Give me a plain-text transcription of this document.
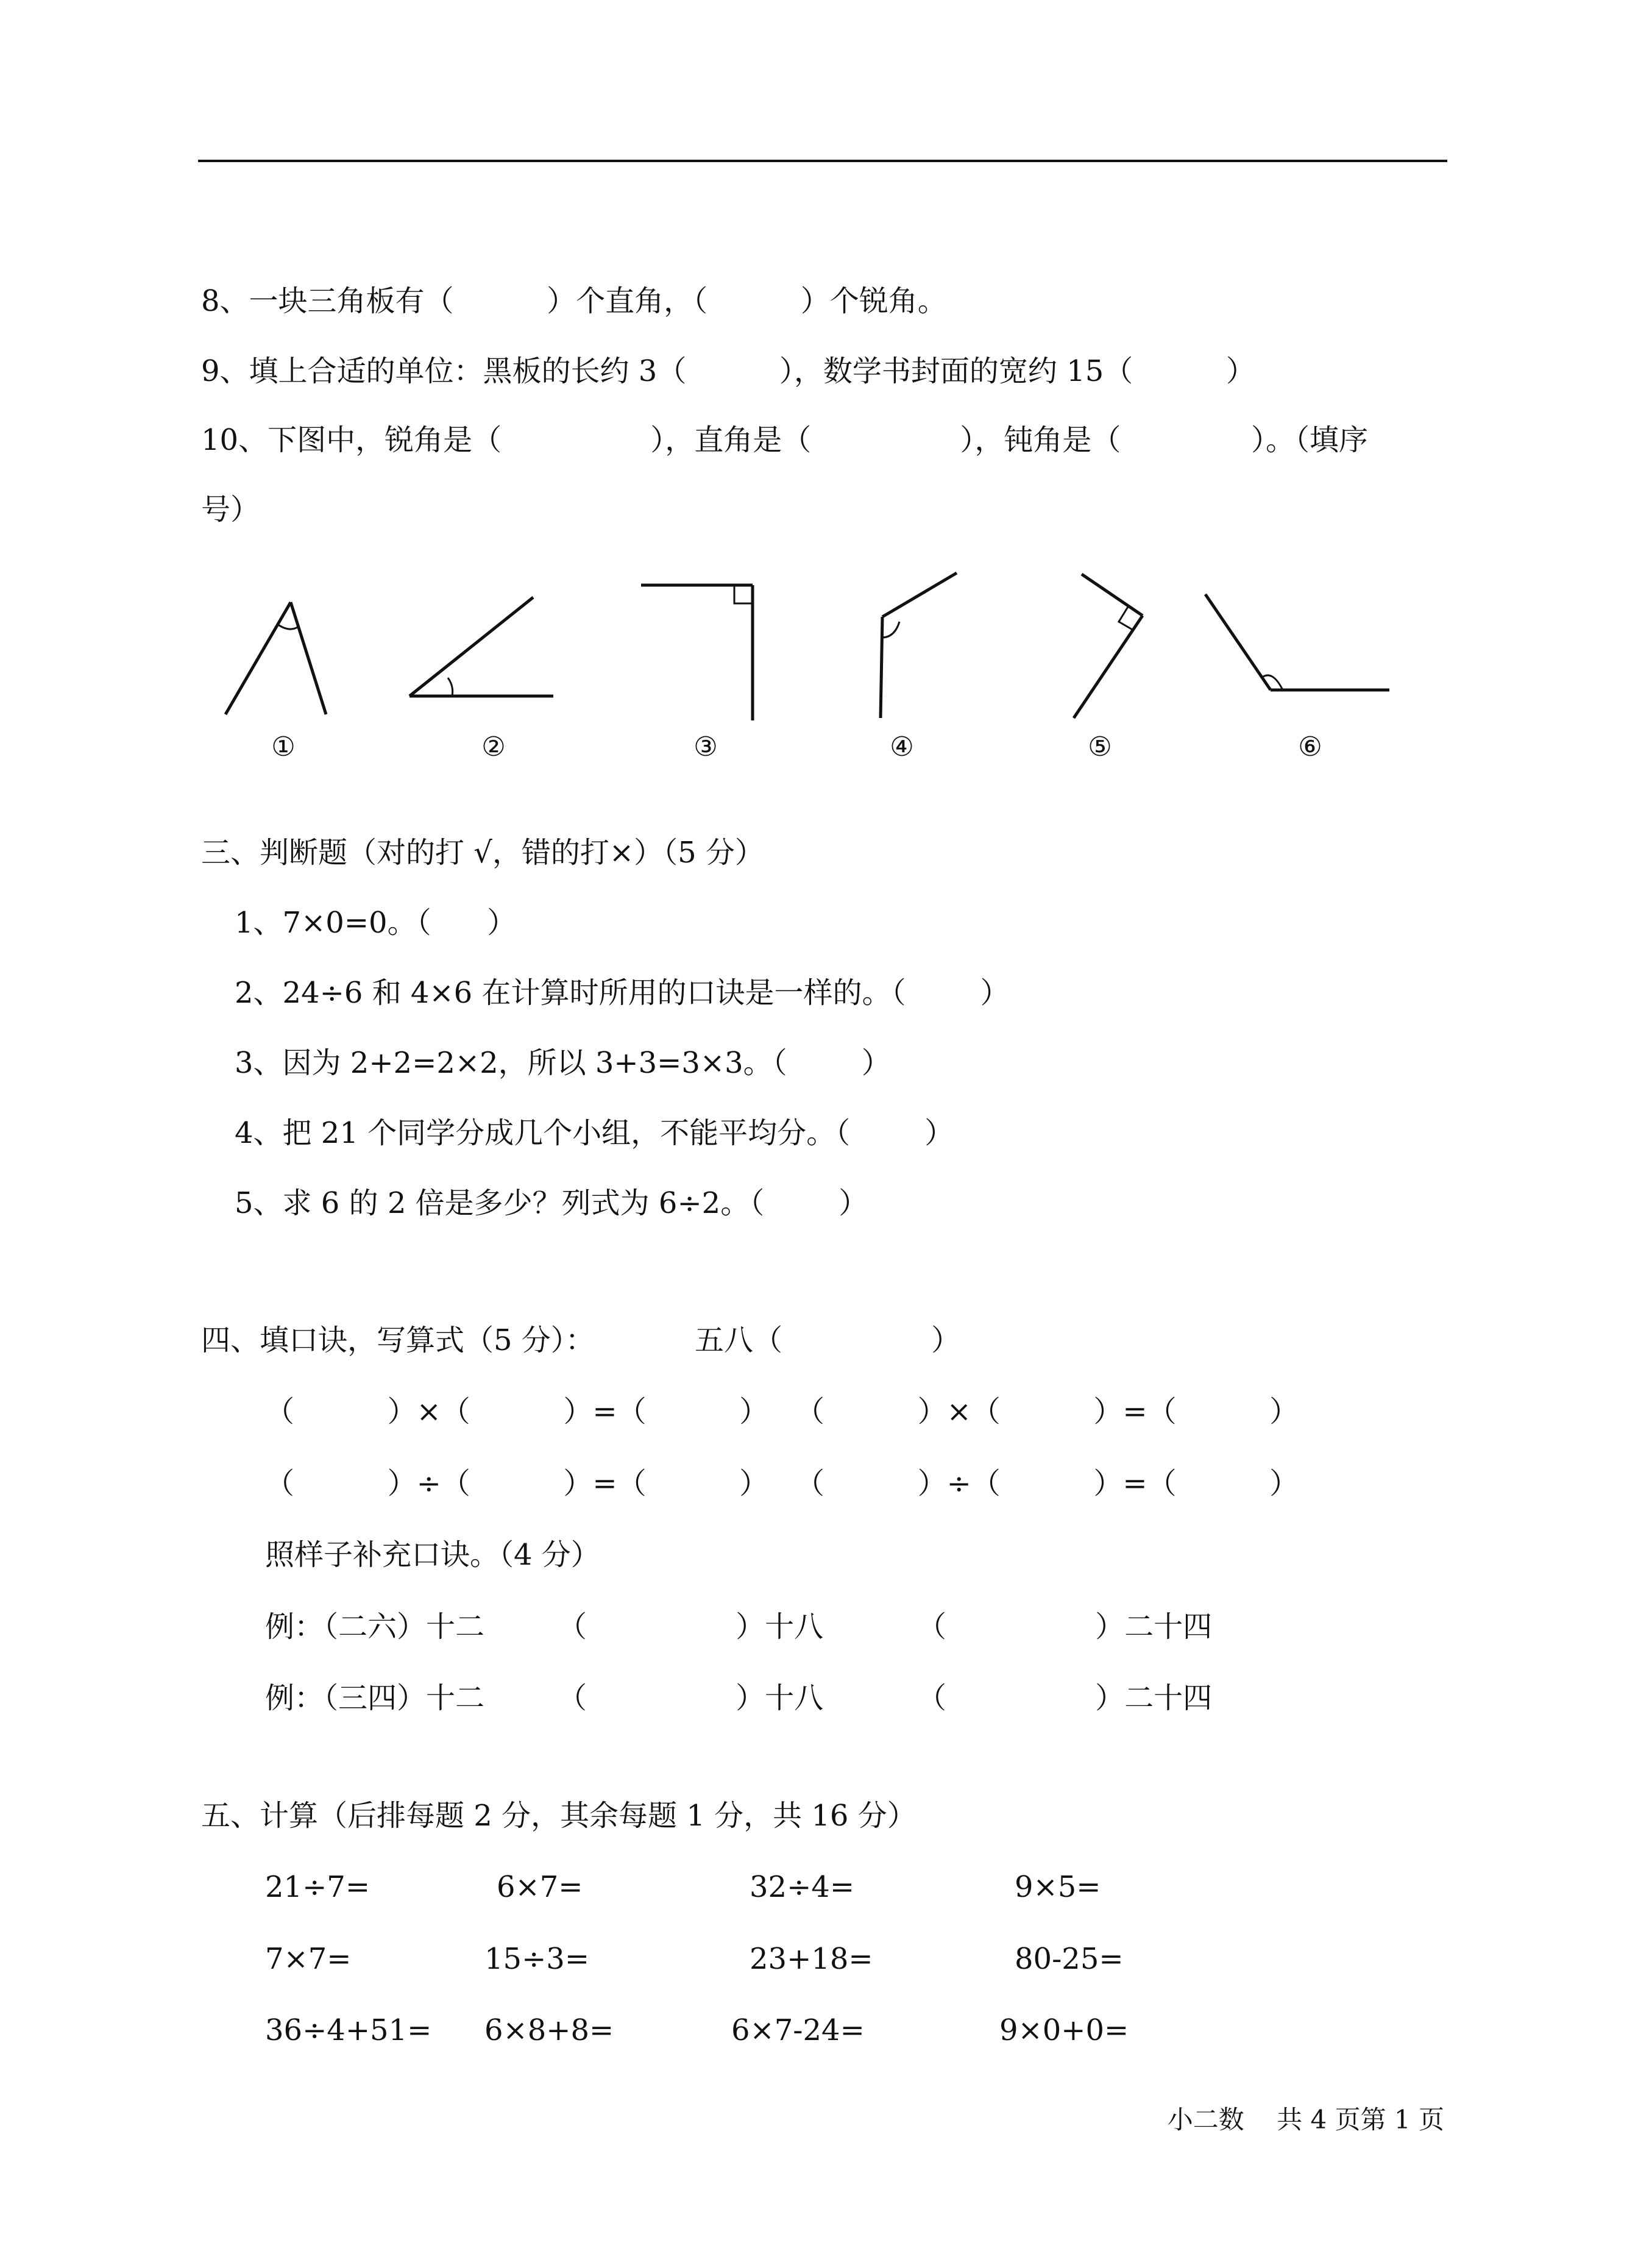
8、一块三角板有（          ）个直角，（          ）个锐角。
9、填上合适的单位：黑板的长约 3（          ），数学书封面的宽约 15（          ）
10、下图中，锐角是（                ），直角是（                ），钝角是（              ）。（填序
号）
①	②	③	④	⑤	⑥
三、判断题（对的打 √，错的打×）（5 分）
1、7×0=0。（      ）
2、24÷6 和 4×6 在计算时所用的口诀是一样的。（        ）
3、因为 2+2=2×2，所以 3+3=3×3。（        ）
4、把 21 个同学分成几个小组，不能平均分。（        ）
5、求 6 的 2 倍是多少？列式为 6÷2。（        ）
四、填口诀，写算式（5 分）：	五八（                ）
（          ）×（          ）=（          ） （          ）×（          ）=（          ）
（          ）÷（          ）=（          ） （          ）÷（          ）=（          ）
照样子补充口诀。（4 分）
例：（二六）十二 （                ）十八	（                ）二十四
例：（三四）十二 （                ）十八	（                ）二十四
五、计算（后排每题 2 分，其余每题 1 分，共 16 分）
21÷7=	6×7=	32÷4=	9×5=
7×7=	15÷3=	23+18=	80-25=
36÷4+51= 6×8+8=	6×7-24=	9×0+0=
小二数    共 4 页第 1 页
